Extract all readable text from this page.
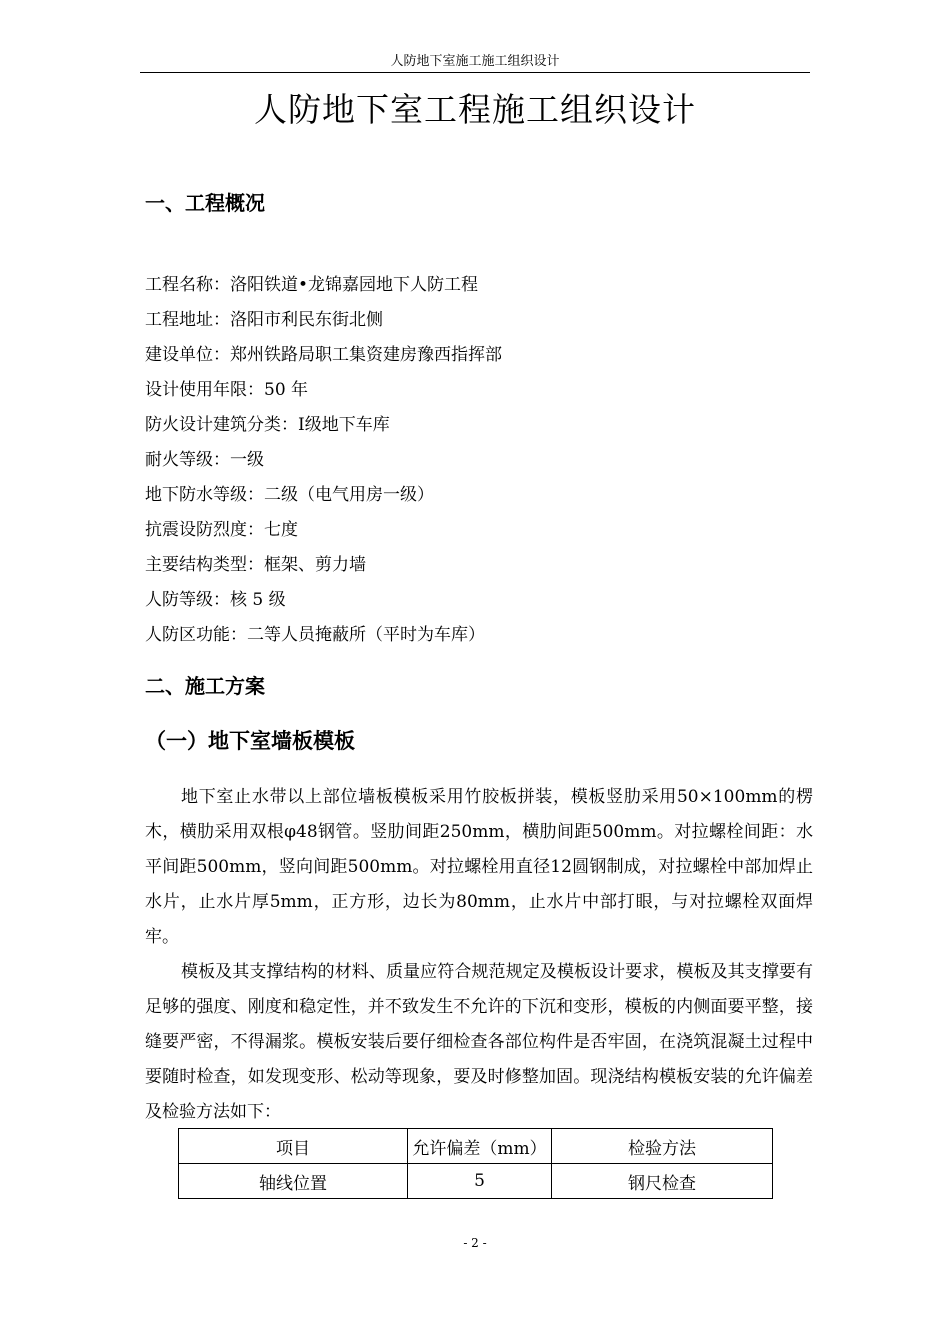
人防地下室施工施工组织设计
人防地下室工程施工组织设计
一、工程概况
工程名称：洛阳铁道•龙锦嘉园地下人防工程
工程地址：洛阳市利民东街北侧
建设单位：郑州铁路局职工集资建房豫西指挥部
设计使用年限：50 年
防火设计建筑分类：Ⅰ级地下车库
耐火等级：一级
地下防水等级：二级（电气用房一级）
抗震设防烈度：七度
主要结构类型：框架、剪力墙
人防等级：核 5 级
人防区功能：二等人员掩蔽所（平时为车库）
二、施工方案
（一）地下室墙板模板

地下室止水带以上部位墙板模板采用竹胶板拼装，模板竖肋采用50×100mm的楞木，横肋采用双根φ48钢管。竖肋间距250mm，横肋间距500mm。对拉螺栓间距：水平间距500mm，竖向间距500mm。对拉螺栓用直径12圆钢制成，对拉螺栓中部加焊止水片，止水片厚5mm，正方形，边长为80mm，止水片中部打眼，与对拉螺栓双面焊牢。

模板及其支撑结构的材料、质量应符合规范规定及模板设计要求，模板及其支撑要有足够的强度、刚度和稳定性，并不致发生不允许的下沉和变形，模板的内侧面要平整，接缝要严密，不得漏浆。模板安装后要仔细检查各部位构件是否牢固，在浇筑混凝土过程中要随时检查，如发现变形、松动等现象，要及时修整加固。现浇结构模板安装的允许偏差及检验方法如下：

项目	允许偏差（mm）	检验方法
轴线位置	5	钢尺检查
- 2 -
